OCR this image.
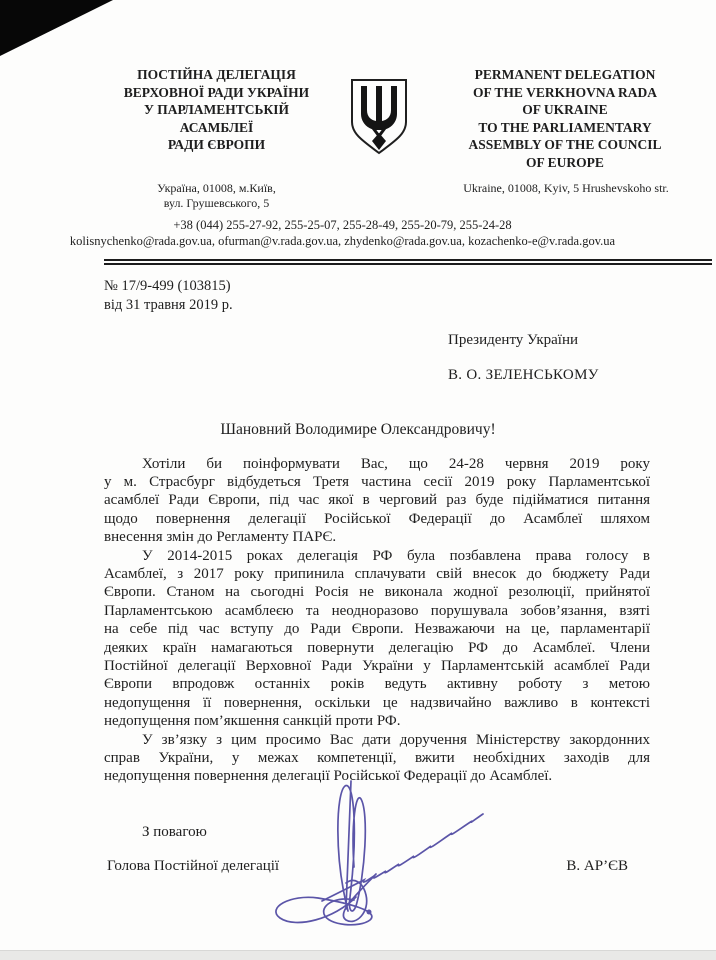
ПОСТІЙНА ДЕЛЕГАЦІЯ
ВЕРХОВНОЇ РАДИ УКРАЇНИ
У ПАРЛАМЕНТСЬКІЙ
АСАМБЛЕЇ
РАДИ ЄВРОПИ
PERMANENT DELEGATION
OF THE VERKHOVNA RADA
OF UKRAINE
TO THE PARLIAMENTARY
ASSEMBLY OF THE COUNCIL
OF EUROPE
Україна, 01008, м.Київ,
вул. Грушевського, 5
Ukraine, 01008, Kyiv, 5 Hrushevskoho str.
+38 (044) 255-27-92, 255-25-07, 255-28-49, 255-20-79, 255-24-28
kolisnychenko@rada.gov.ua, ofurman@v.rada.gov.ua, zhydenko@rada.gov.ua, kozachenko-e@v.rada.gov.ua
№ 17/9-499 (103815)
від 31 травня 2019 р.
Президенту України
В. О. ЗЕЛЕНСЬКОМУ
Шановний Володимире Олександровичу!
Хотіли би поінформувати Вас, що 24-28 червня 2019 року
у м. Страсбург відбудеться Третя частина сесії 2019 року Парламентської
асамблеї Ради Європи, під час якої в черговий раз буде підійматися питання
щодо повернення делегації Російської Федерації до Асамблеї шляхом
внесення змін до Регламенту ПАРЄ.
У 2014-2015 роках делегація РФ була позбавлена права голосу в
Асамблеї, з 2017 року припинила сплачувати свій внесок до бюджету Ради
Європи. Станом на сьогодні Росія не виконала жодної резолюції, прийнятої
Парламентською асамблеєю та неодноразово порушувала зобов’язання, взяті
на себе під час вступу до Ради Європи. Незважаючи на це, парламентарії
деяких країн намагаються повернути делегацію РФ до Асамблеї. Члени
Постійної делегації Верховної Ради України у Парламентській асамблеї Ради
Європи впродовж останніх років ведуть активну роботу з метою
недопущення її повернення, оскільки це надзвичайно важливо в контексті
недопущення пом’якшення санкцій проти РФ.
У зв’язку з цим просимо Вас дати доручення Міністерству закордонних
справ України, у межах компетенції, вжити необхідних заходів для
недопущення повернення делегації Російської Федерації до Асамблеї.
З повагою
Голова Постійної делегації	В. АР’ЄВ
